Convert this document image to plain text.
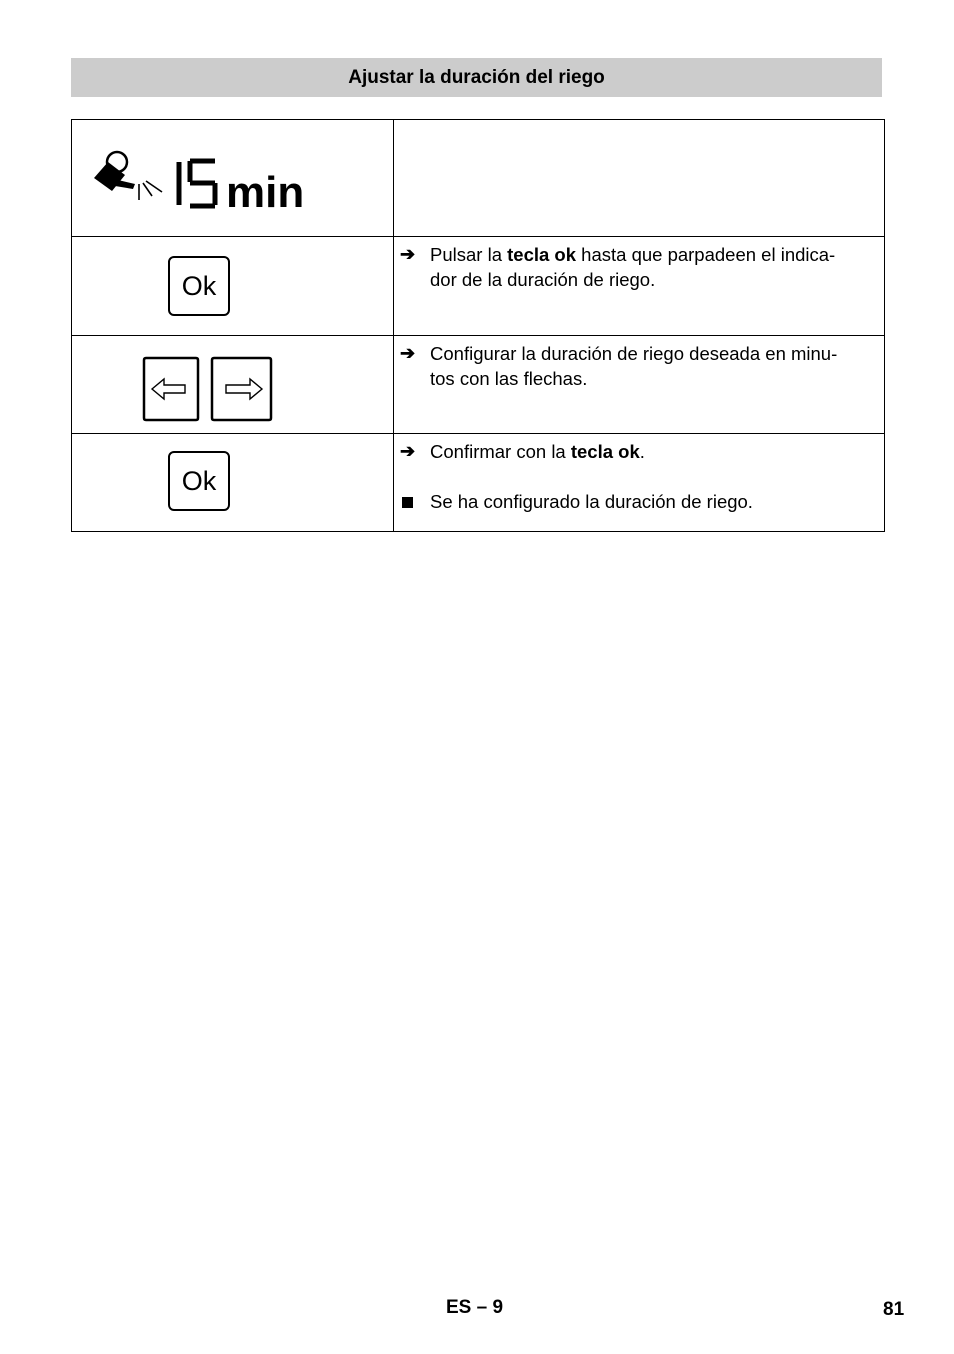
Ajustar la duración del riego
min	

Ok	➔ Pulsar la tecla ok hasta que parpadeen el indica-
dor de la duración de riego.

➔ Configurar la duración de riego deseada en minu-
tos con las flechas.

Ok	➔ Confirmar con la tecla ok.
Se ha configurado la duración de riego.
ES – 9	81
